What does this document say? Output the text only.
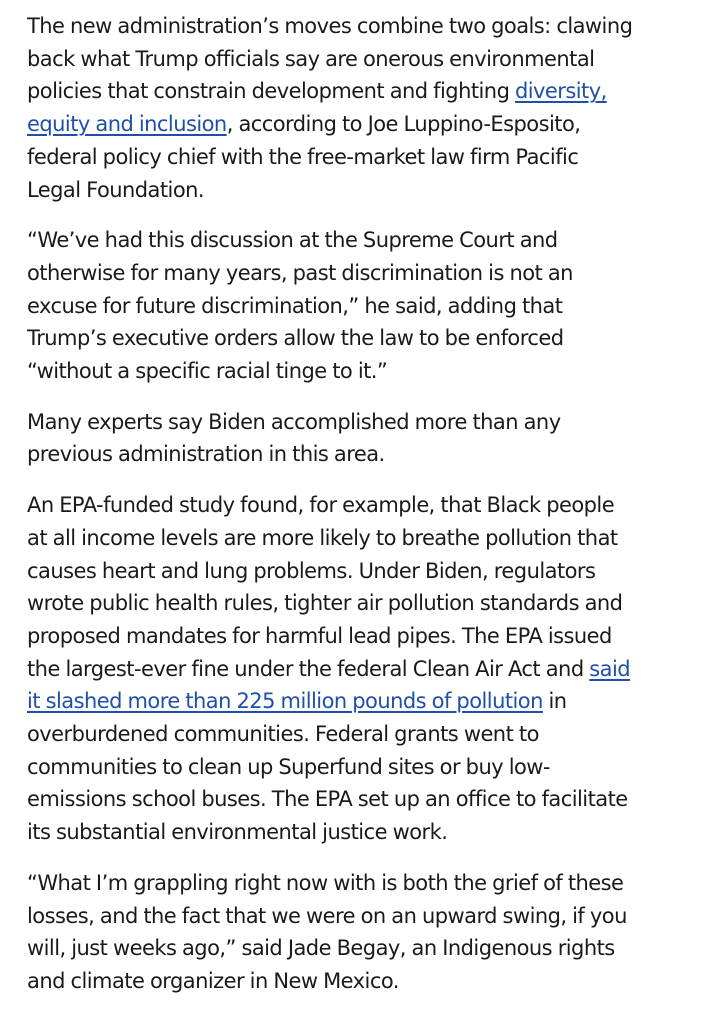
The new administration’s moves combine two goals: clawing
back what Trump officials say are onerous environmental
policies that constrain development and fighting diversity,
equity and inclusion, according to Joe Luppino-Esposito,
federal policy chief with the free-market law firm Pacific
Legal Foundation.

“We’ve had this discussion at the Supreme Court and
otherwise for many years, past discrimination is not an
excuse for future discrimination,” he said, adding that
Trump’s executive orders allow the law to be enforced
“without a specific racial tinge to it.”

Many experts say Biden accomplished more than any
previous administration in this area.

An EPA-funded study found, for example, that Black people
at all income levels are more likely to breathe pollution that
causes heart and lung problems. Under Biden, regulators
wrote public health rules, tighter air pollution standards and
proposed mandates for harmful lead pipes. The EPA issued
the largest-ever fine under the federal Clean Air Act and said
it slashed more than 225 million pounds of pollution in
overburdened communities. Federal grants went to
communities to clean up Superfund sites or buy low-
emissions school buses. The EPA set up an office to facilitate
its substantial environmental justice work.

“What I’m grappling right now with is both the grief of these
losses, and the fact that we were on an upward swing, if you
will, just weeks ago,” said Jade Begay, an Indigenous rights
and climate organizer in New Mexico.
